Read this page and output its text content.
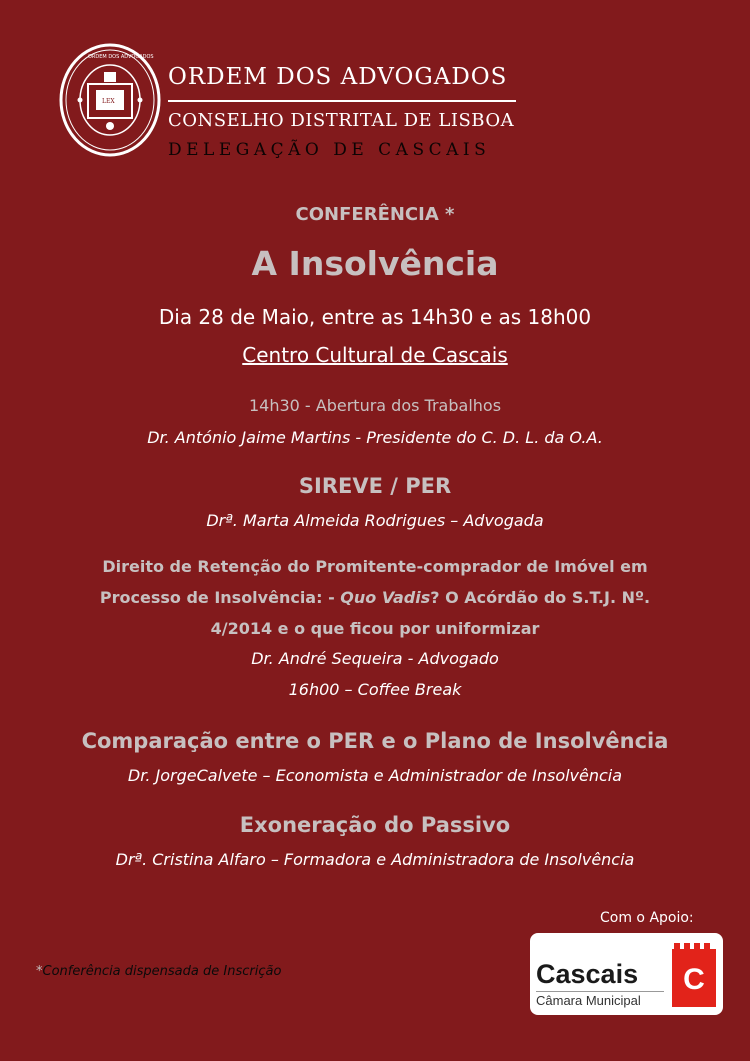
ORDEM DOS ADVOGADOS
LEX
ORDEM DOS ADVOGADOS
CONSELHO DISTRITAL DE LISBOA
DELEGAÇÃO DE CASCAIS
CONFERÊNCIA *
A Insolvência
Dia 28 de Maio, entre as 14h30 e as 18h00
Centro Cultural de Cascais
14h30 - Abertura dos Trabalhos
Dr. António Jaime Martins - Presidente do C. D. L. da O.A.
SIREVE / PER
Drª. Marta Almeida Rodrigues – Advogada
Direito de Retenção do Promitente-comprador de Imóvel em
Processo de Insolvência: - Quo Vadis? O Acórdão do S.T.J. Nº.
4/2014 e o que ficou por uniformizar
Dr. André Sequeira - Advogado
16h00 – Coffee Break
Comparação entre o PER e o Plano de Insolvência
Dr. JorgeCalvete – Economista e Administrador de Insolvência
Exoneração do Passivo
Drª. Cristina Alfaro – Formadora e Administradora de Insolvência
Com o Apoio:
*Conferência dispensada de Inscrição	Cascais
Câmara Municipal
C
